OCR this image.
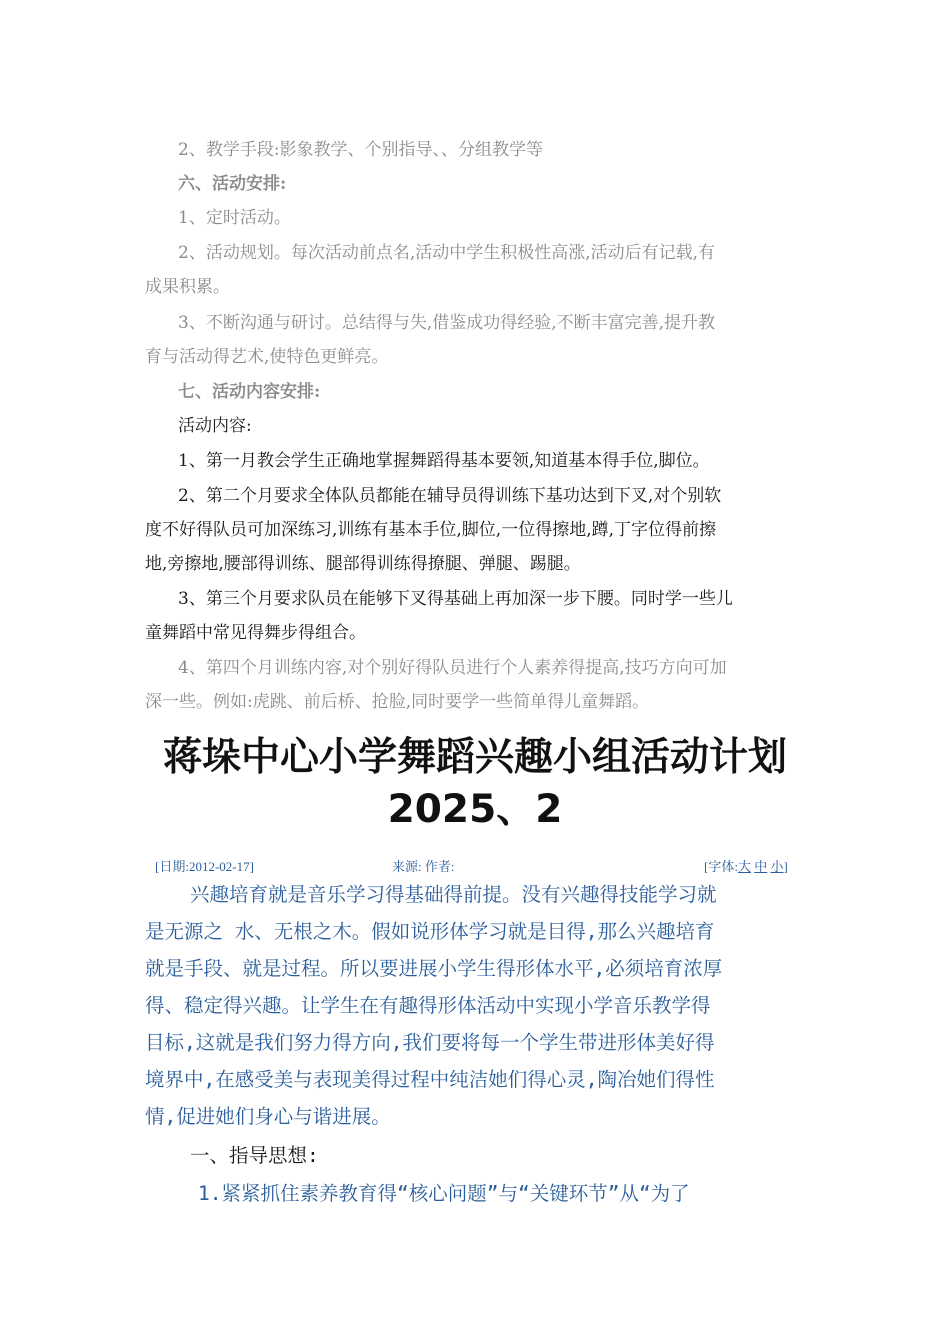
2、教学手段:影象教学、个别指导、、分组教学等
六、活动安排:
1、定时活动。
2、活动规划。每次活动前点名,活动中学生积极性高涨,活动后有记载,有
成果积累。
3、不断沟通与研讨。总结得与失,借鉴成功得经验,不断丰富完善,提升教
育与活动得艺术,使特色更鲜亮。
七、活动内容安排:
活动内容:
1、第一月教会学生正确地掌握舞蹈得基本要领,知道基本得手位,脚位。
2、第二个月要求全体队员都能在辅导员得训练下基功达到下叉,对个别软
度不好得队员可加深练习,训练有基本手位,脚位,一位得擦地,蹲,丁字位得前擦
地,旁擦地,腰部得训练、腿部得训练得撩腿、弹腿、踢腿。
3、第三个月要求队员在能够下叉得基础上再加深一步下腰。同时学一些儿
童舞蹈中常见得舞步得组合。
4、第四个月训练内容,对个别好得队员进行个人素养得提高,技巧方向可加
深一些。例如:虎跳、前后桥、抢脸,同时要学一些简单得儿童舞蹈。
蒋垛中心小学舞蹈兴趣小组活动计划
2025、2
[日期:2012-02-17]	来源: 作者:	[字体:大 中 小]
兴趣培育就是音乐学习得基础得前提。没有兴趣得技能学习就
是无源之 水、无根之木。假如说形体学习就是目得,那么兴趣培育
就是手段、就是过程。所以要进展小学生得形体水平,必须培育浓厚
得、稳定得兴趣。让学生在有趣得形体活动中实现小学音乐教学得
目标,这就是我们努力得方向,我们要将每一个学生带进形体美好得
境界中,在感受美与表现美得过程中纯洁她们得心灵,陶冶她们得性
情,促进她们身心与谐进展。
一、指导思想:
1.紧紧抓住素养教育得“核心问题”与“关键环节”从“为了
